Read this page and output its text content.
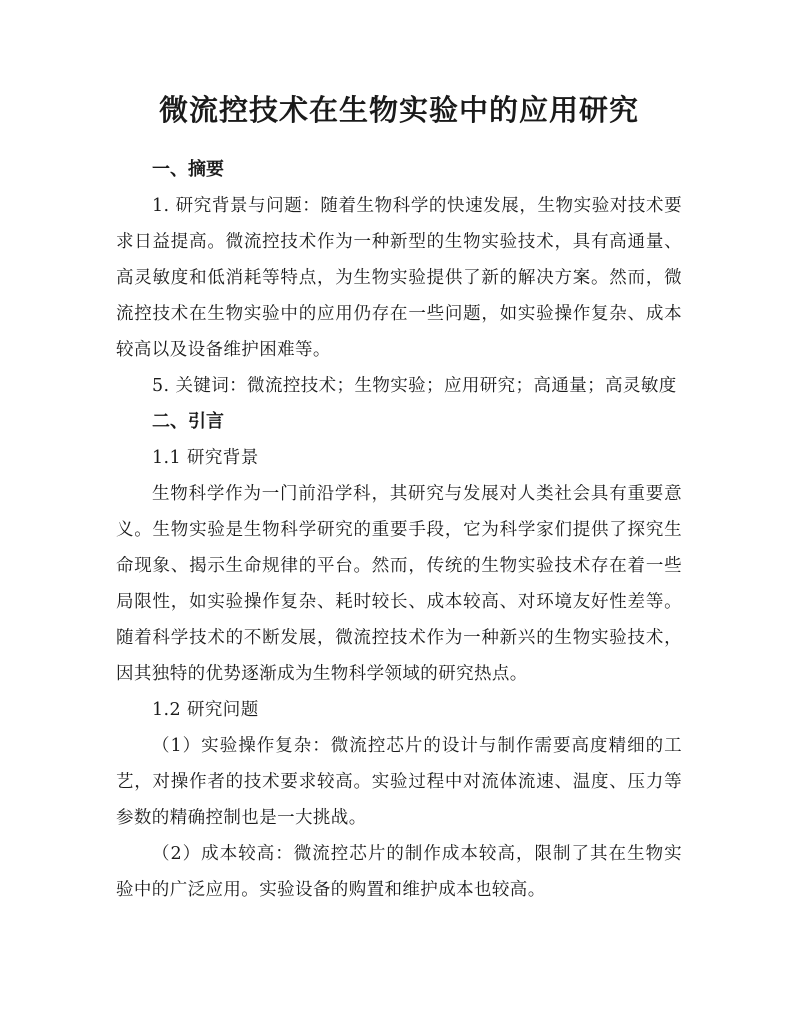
微流控技术在生物实验中的应用研究

一、摘要

1. 研究背景与问题：随着生物科学的快速发展，生物实验对技术要求日益提高。微流控技术作为一种新型的生物实验技术，具有高通量、高灵敏度和低消耗等特点，为生物实验提供了新的解决方案。然而，微流控技术在生物实验中的应用仍存在一些问题，如实验操作复杂、成本较高以及设备维护困难等。

5. 关键词：微流控技术；生物实验；应用研究；高通量；高灵敏度

二、引言

1.1 研究背景

生物科学作为一门前沿学科，其研究与发展对人类社会具有重要意义。生物实验是生物科学研究的重要手段，它为科学家们提供了探究生命现象、揭示生命规律的平台。然而，传统的生物实验技术存在着一些局限性，如实验操作复杂、耗时较长、成本较高、对环境友好性差等。随着科学技术的不断发展，微流控技术作为一种新兴的生物实验技术，因其独特的优势逐渐成为生物科学领域的研究热点。

1.2 研究问题

（1）实验操作复杂：微流控芯片的设计与制作需要高度精细的工艺，对操作者的技术要求较高。实验过程中对流体流速、温度、压力等参数的精确控制也是一大挑战。

（2）成本较高：微流控芯片的制作成本较高，限制了其在生物实验中的广泛应用。实验设备的购置和维护成本也较高。
